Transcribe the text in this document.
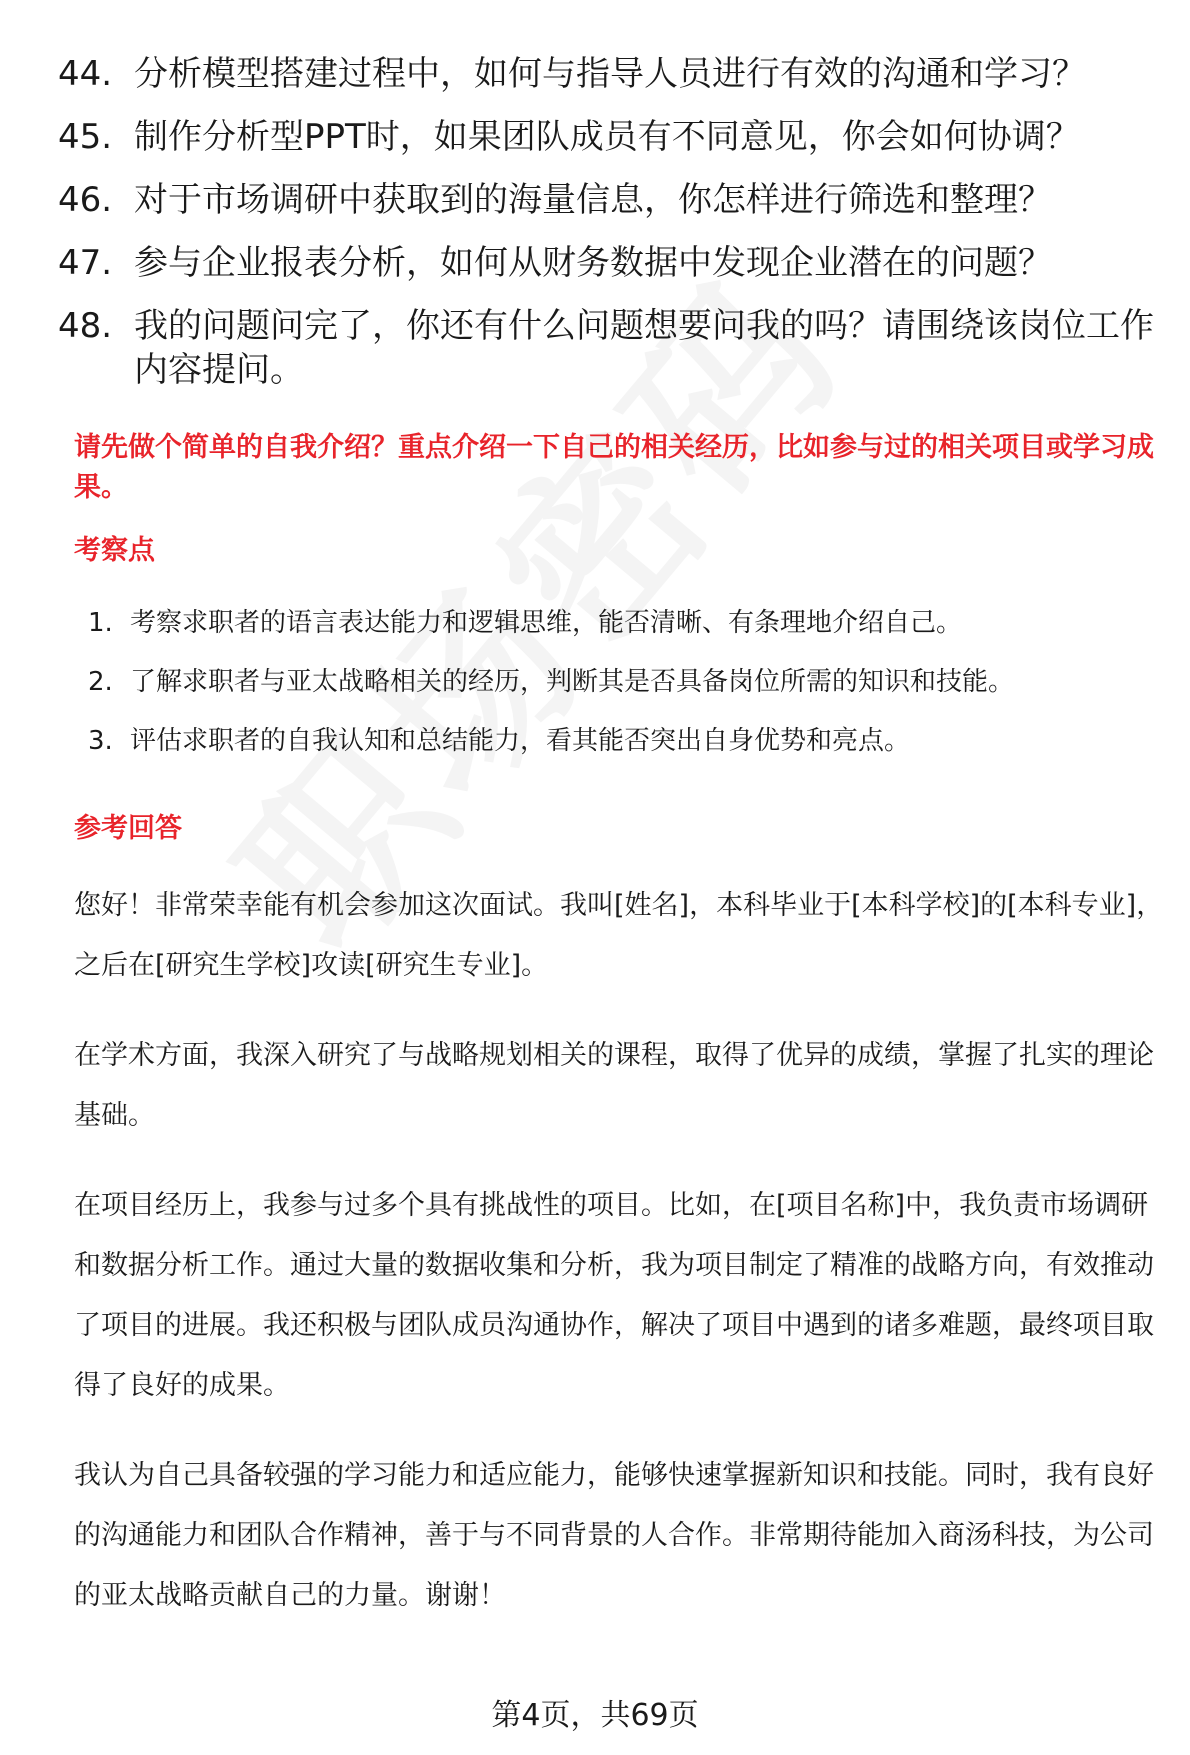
44. 分析模型搭建过程中，如何与指导人员进行有效的沟通和学习？
45. 制作分析型PPT时，如果团队成员有不同意见，你会如何协调？
46. 对于市场调研中获取到的海量信息，你怎样进行筛选和整理？
47. 参与企业报表分析，如何从财务数据中发现企业潜在的问题？
48. 我的问题问完了，你还有什么问题想要问我的吗？请围绕该岗位工作内容提问。
请先做个简单的自我介绍？重点介绍一下自己的相关经历，比如参与过的相关项目或学习成果。
考察点
1. 考察求职者的语言表达能力和逻辑思维，能否清晰、有条理地介绍自己。
2. 了解求职者与亚太战略相关的经历，判断其是否具备岗位所需的知识和技能。
3. 评估求职者的自我认知和总结能力，看其能否突出自身优势和亮点。
参考回答

您好！非常荣幸能有机会参加这次面试。我叫[姓名]，本科毕业于[本科学校]的[本科专业]，之后在[研究生学校]攻读[研究生专业]。

在学术方面，我深入研究了与战略规划相关的课程，取得了优异的成绩，掌握了扎实的理论基础。

在项目经历上，我参与过多个具有挑战性的项目。比如，在[项目名称]中，我负责市场调研和数据分析工作。通过大量的数据收集和分析，我为项目制定了精准的战略方向，有效推动了项目的进展。我还积极与团队成员沟通协作，解决了项目中遇到的诸多难题，最终项目取得了良好的成果。

我认为自己具备较强的学习能力和适应能力，能够快速掌握新知识和技能。同时，我有良好的沟通能力和团队合作精神，善于与不同背景的人合作。非常期待能加入商汤科技，为公司的亚太战略贡献自己的力量。谢谢！

第4页，共69页
